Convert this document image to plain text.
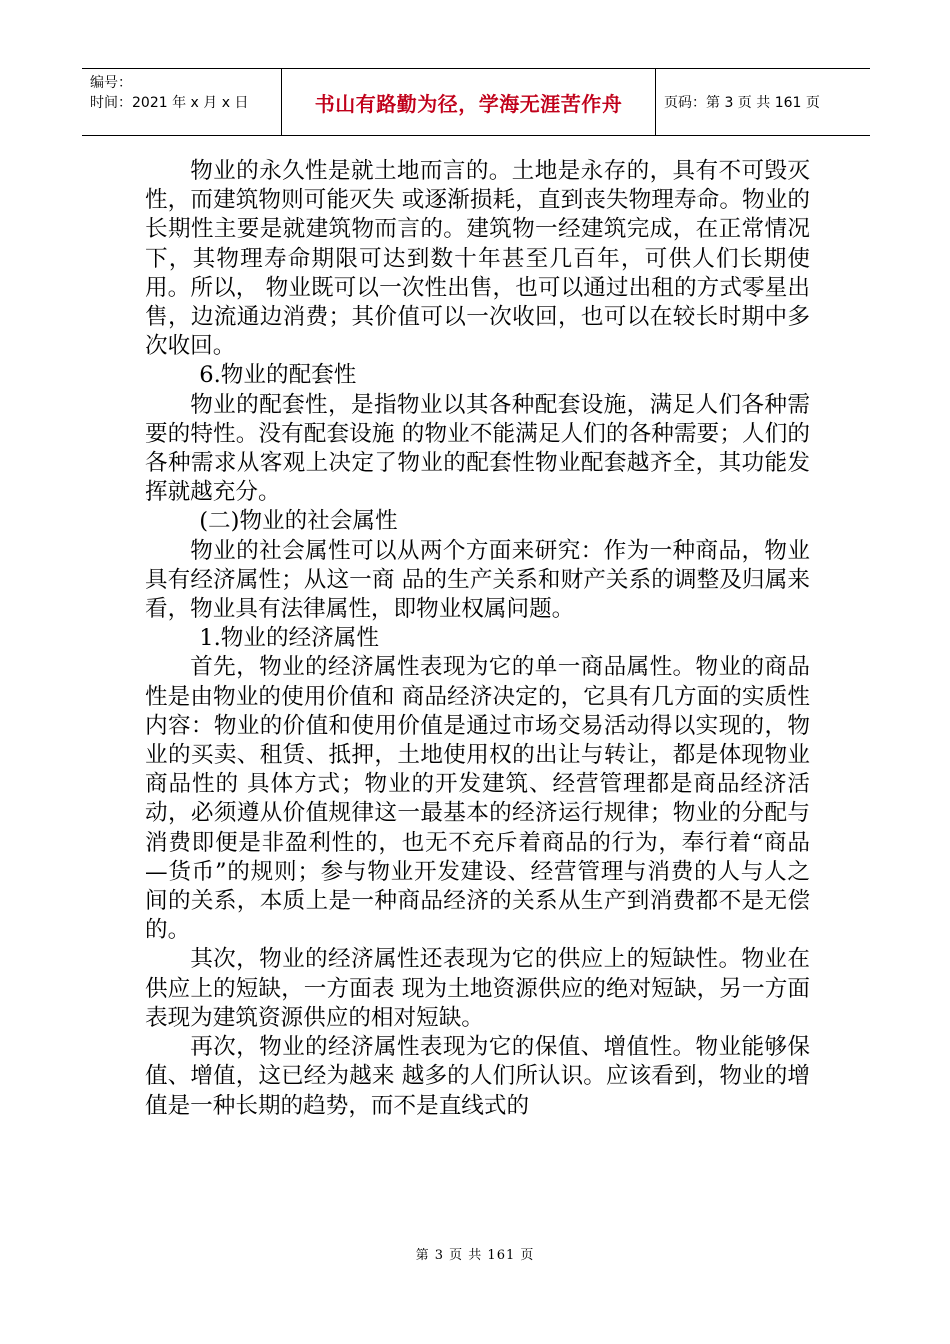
编号：
时间：2021 年 x 月 x 日	书山有路勤为径，学海无涯苦作舟	页码：第 3 页 共 161 页

物业的永久性是就土地而言的。土地是永存的，具有不可毁灭性，而建筑物则可能灭失 或逐渐损耗，直到丧失物理寿命。物业的长期性主要是就建筑物而言的。建筑物一经建筑完成，在正常情况下，其物理寿命期限可达到数十年甚至几百年，可供人们长期使用。所以， 物业既可以一次性出售，也可以通过出租的方式零星出售，边流通边消费；其价值可以一次收回，也可以在较长时期中多次收回。

6.物业的配套性

物业的配套性，是指物业以其各种配套设施，满足人们各种需要的特性。没有配套设施 的物业不能满足人们的各种需要；人们的各种需求从客观上决定了物业的配套性物业配套越齐全，其功能发挥就越充分。

(二)物业的社会属性

物业的社会属性可以从两个方面来研究：作为一种商品，物业具有经济属性；从这一商 品的生产关系和财产关系的调整及归属来看，物业具有法律属性，即物业权属问题。

1.物业的经济属性

首先，物业的经济属性表现为它的单一商品属性。物业的商品性是由物业的使用价值和 商品经济决定的，它具有几方面的实质性内容：物业的价值和使用价值是通过市场交易活动得以实现的，物业的买卖、租赁、抵押，土地使用权的出让与转让，都是体现物业商品性的 具体方式；物业的开发建筑、经营管理都是商品经济活动，必须遵从价值规律这一最基本的经济运行规律；物业的分配与消费即便是非盈利性的，也无不充斥着商品的行为，奉行着“商品—货币”的规则；参与物业开发建设、经营管理与消费的人与人之间的关系，本质上是一种商品经济的关系从生产到消费都不是无偿的。

其次，物业的经济属性还表现为它的供应上的短缺性。物业在供应上的短缺，一方面表 现为土地资源供应的绝对短缺，另一方面表现为建筑资源供应的相对短缺。

再次，物业的经济属性表现为它的保值、增值性。物业能够保值、增值，这已经为越来 越多的人们所认识。应该看到，物业的增值是一种长期的趋势，而不是直线式的

第 3 页 共 161 页
